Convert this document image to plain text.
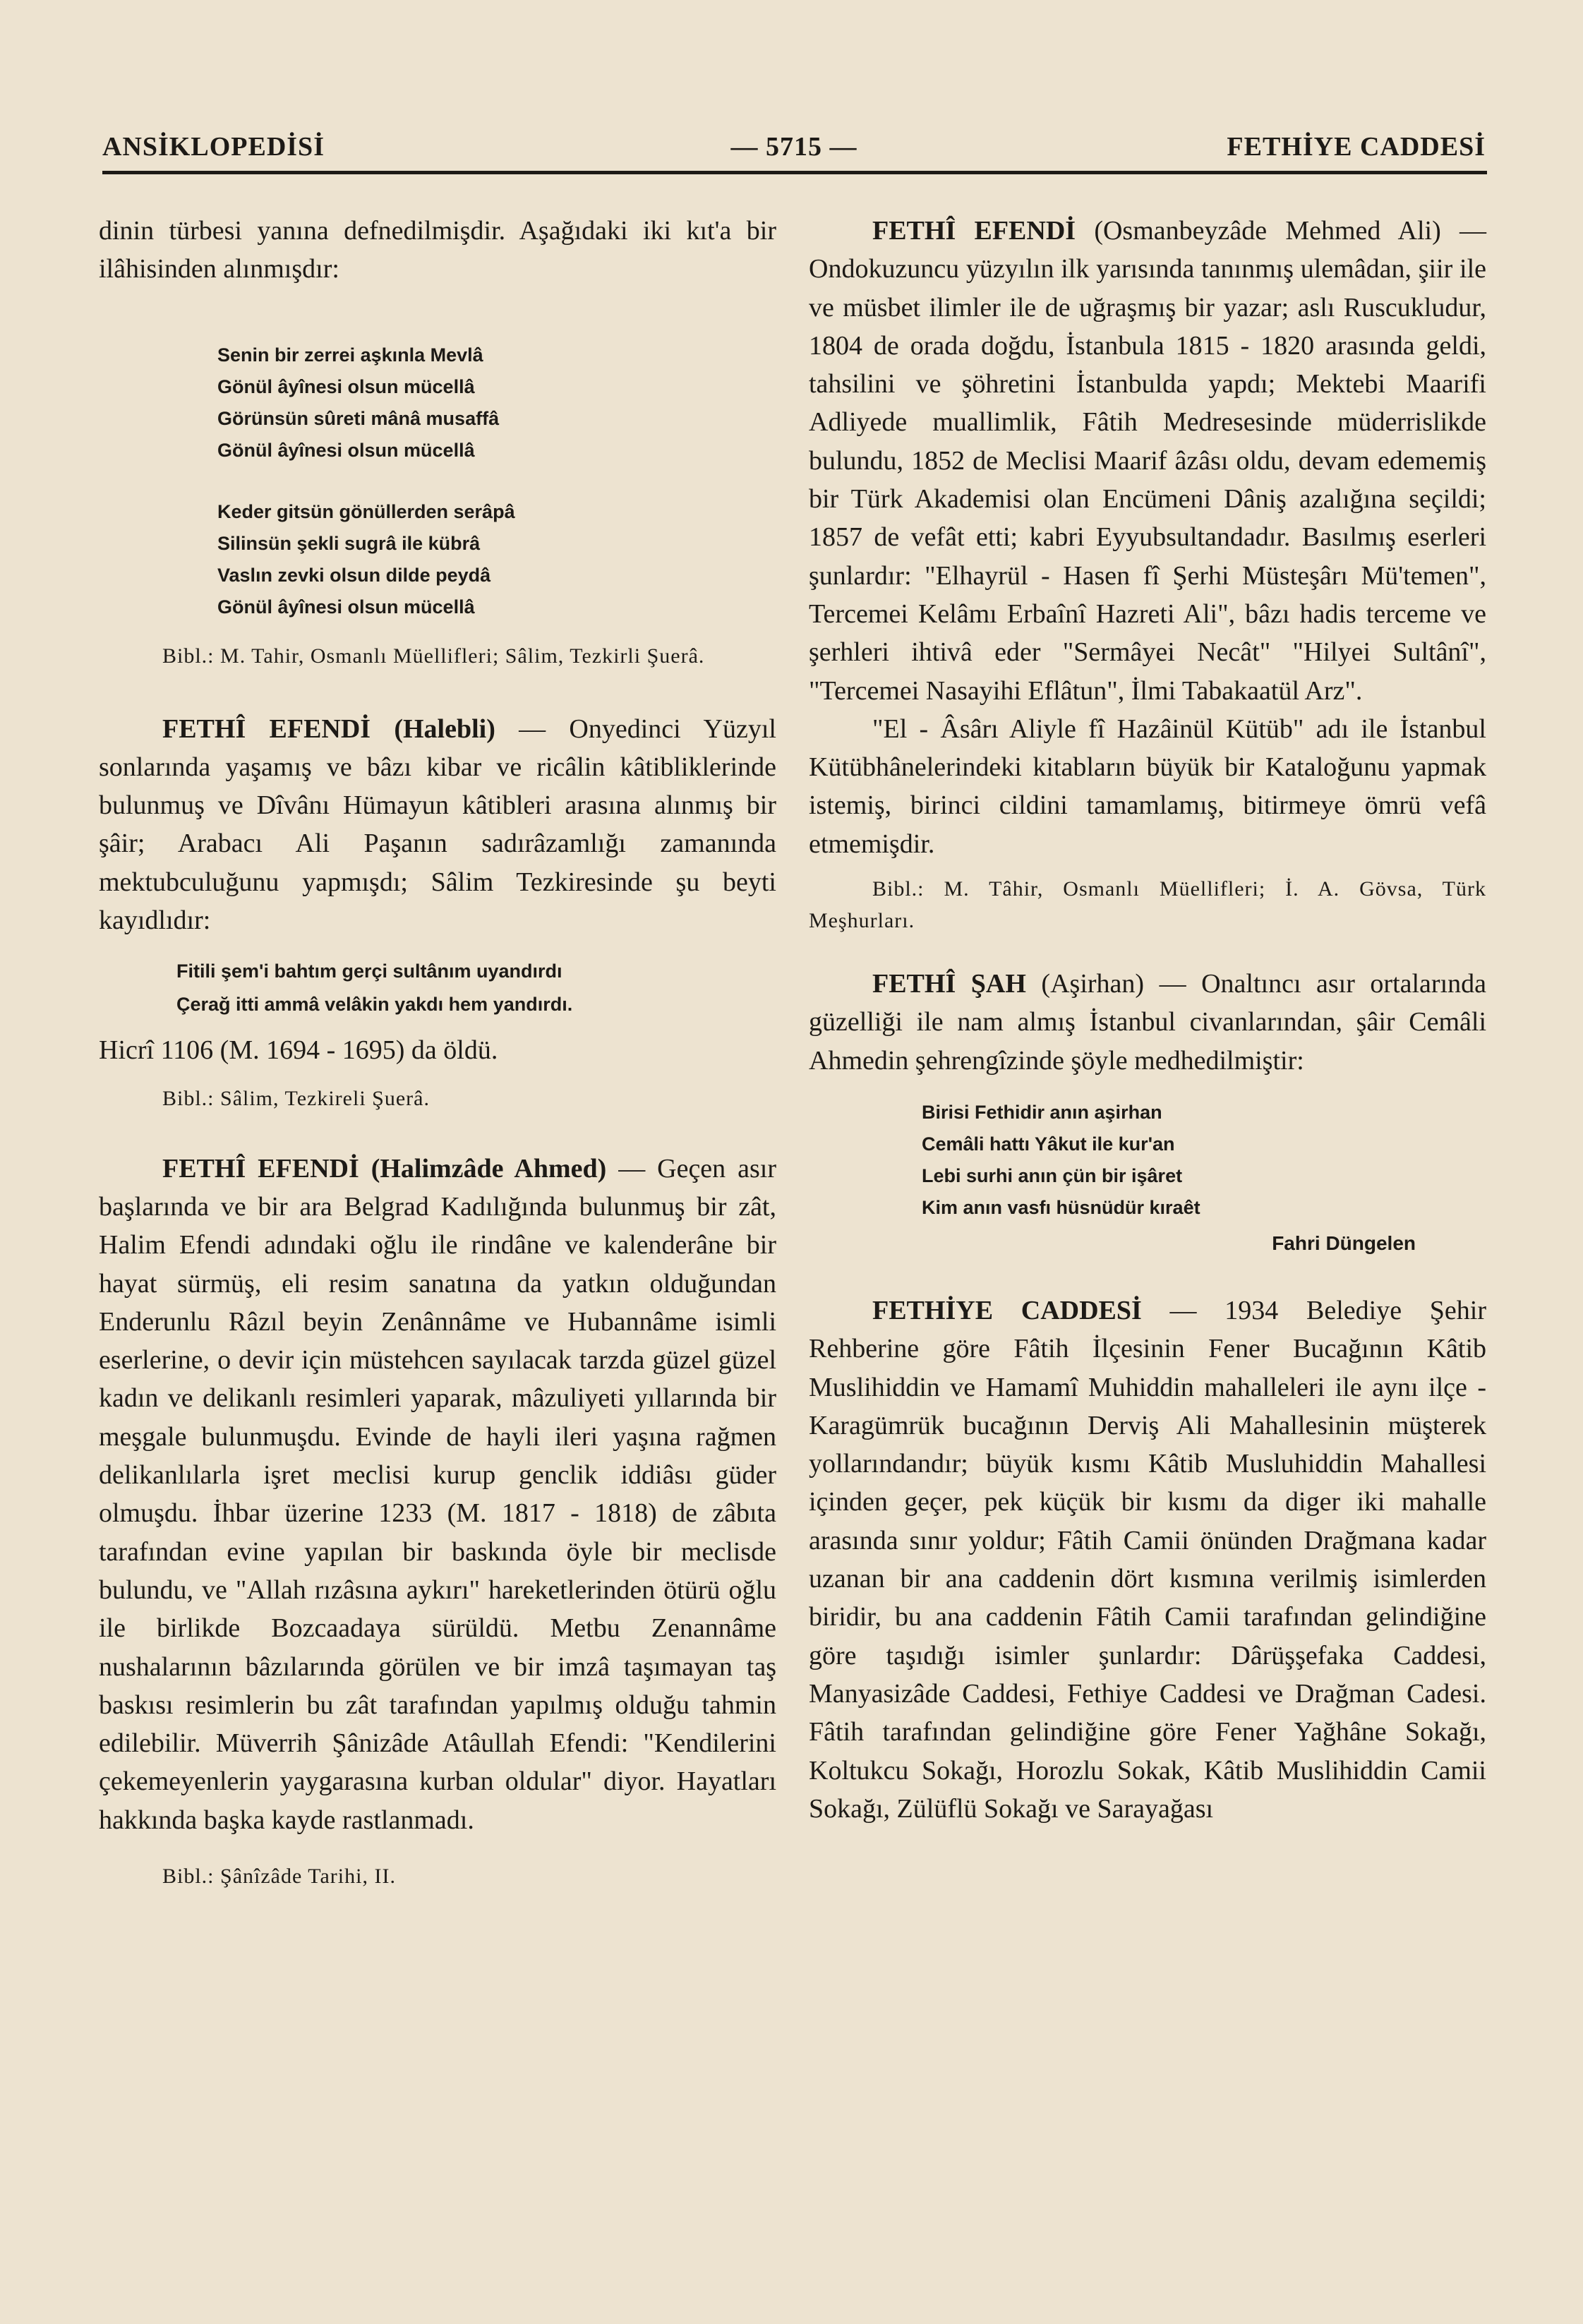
ANSİKLOPEDİSİ	— 5715 —	FETHİYE CADDESİ

dinin türbesi yanına defnedilmişdir. Aşağıdaki iki kıt'a bir ilâhisinden alınmışdır:

Senin bir zerrei aşkınla Mevlâ
Gönül âyînesi olsun mücellâ
Görünsün sûreti mânâ musaffâ
Gönül âyînesi olsun mücellâ
Keder gitsün gönüllerden serâpâ
Silinsün şekli sugrâ ile kübrâ
Vaslın zevki olsun dilde peydâ
Gönül âyînesi olsun mücellâ

Bibl.: M. Tahir, Osmanlı Müellifleri; Sâlim, Tezkirli Şuerâ.

FETHÎ EFENDİ (Halebli) — Onyedinci Yüzyıl sonlarında yaşamış ve bâzı kibar ve ricâlin kâtibliklerinde bulunmuş ve Dîvânı Hümayun kâtibleri arasına alınmış bir şâir; Arabacı Ali Paşanın sadırâzamlığı zamanında mektubculuğunu yapmışdı; Sâlim Tezkiresinde şu beyti kayıdlıdır:

Fitili şem'i bahtım gerçi sultânım uyandırdı
Çerağ itti ammâ velâkin yakdı hem yandırdı.

Hicrî 1106 (M. 1694 - 1695) da öldü.

Bibl.: Sâlim, Tezkireli Şuerâ.

FETHÎ EFENDİ (Halimzâde Ahmed) — Geçen asır başlarında ve bir ara Belgrad Kadılığında bulunmuş bir zât, Halim Efendi adındaki oğlu ile rindâne ve kalenderâne bir hayat sürmüş, eli resim sanatına da yatkın olduğundan Enderunlu Râzıl beyin Zenânnâme ve Hubannâme isimli eserlerine, o devir için müstehcen sayılacak tarzda güzel güzel kadın ve delikanlı resimleri yaparak, mâzuliyeti yıllarında bir meşgale bulunmuşdu. Evinde de hayli ileri yaşına rağmen delikanlılarla işret meclisi kurup genclik iddiâsı güder olmuşdu. İhbar üzerine 1233 (M. 1817 - 1818) de zâbıta tarafından evine yapılan bir baskında öyle bir meclisde bulundu, ve "Allah rızâsına aykırı" hareketlerinden ötürü oğlu ile birlikde Bozcaadaya sürüldü. Metbu Zenannâme nushalarının bâzılarında görülen ve bir imzâ taşımayan taş baskısı resimlerin bu zât tarafından yapılmış olduğu tahmin edilebilir. Müverrih Şânizâde Atâullah Efendi: "Kendilerini çekemeyenlerin yaygarasına kurban oldular" diyor. Hayatları hakkında başka kayde rastlanmadı.

Bibl.: Şânîzâde Tarihi, II.

FETHÎ EFENDİ (Osmanbeyzâde Mehmed Ali) — Ondokuzuncu yüzyılın ilk yarısında tanınmış ulemâdan, şiir ile ve müsbet ilimler ile de uğraşmış bir yazar; aslı Ruscukludur, 1804 de orada doğdu, İstanbula 1815 - 1820 arasında geldi, tahsilini ve şöhretini İstanbulda yapdı; Mektebi Maarifi Adliyede muallimlik, Fâtih Medresesinde müderrislikde bulundu, 1852 de Meclisi Maarif âzâsı oldu, devam edememiş bir Türk Akademisi olan Encümeni Dâniş azalığına seçildi; 1857 de vefât etti; kabri Eyyubsultandadır. Basılmış eserleri şunlardır: "Elhayrül - Hasen fî Şerhi Müsteşârı Mü'temen", Tercemei Kelâmı Erbaînî Hazreti Ali", bâzı hadis terceme ve şerhleri ihtivâ eder "Sermâyei Necât" "Hilyei Sultânî", "Tercemei Nasayihi Eflâtun", İlmi Tabakaatül Arz".

"El - Âsârı Aliyle fî Hazâinül Kütüb" adı ile İstanbul Kütübhânelerindeki kitabların büyük bir Kataloğunu yapmak istemiş, birinci cildini tamamlamış, bitirmeye ömrü vefâ etmemişdir.

Bibl.: M. Tâhir, Osmanlı Müellifleri; İ. A. Gövsa, Türk Meşhurları.

FETHÎ ŞAH (Aşirhan) — Onaltıncı asır ortalarında güzelliği ile nam almış İstanbul civanlarından, şâir Cemâli Ahmedin şehrengîzinde şöyle medhedilmiştir:

Birisi Fethidir anın aşirhan
Cemâli hattı Yâkut ile kur'an
Lebi surhi anın çün bir işâret
Kim anın vasfı hüsnüdür kıraêt

Fahri Düngelen

FETHİYE CADDESİ — 1934 Belediye Şehir Rehberine göre Fâtih İlçesinin Fener Bucağının Kâtib Muslihiddin ve Hamamî Muhiddin mahalleleri ile aynı ilçe - Karagümrük bucağının Derviş Ali Mahallesinin müşterek yollarındandır; büyük kısmı Kâtib Musluhiddin Mahallesi içinden geçer, pek küçük bir kısmı da diger iki mahalle arasında sınır yoldur; Fâtih Camii önünden Drağmana kadar uzanan bir ana caddenin dört kısmına verilmiş isimlerden biridir, bu ana caddenin Fâtih Camii tarafından gelindiğine göre taşıdığı isimler şunlardır: Dârüşşefaka Caddesi, Manyasizâde Caddesi, Fethiye Caddesi ve Drağman Cadesi. Fâtih tarafından gelindiğine göre Fener Yağhâne Sokağı, Koltukcu Sokağı, Horozlu Sokak, Kâtib Muslihiddin Camii Sokağı, Zülüflü Sokağı ve Sarayağası
